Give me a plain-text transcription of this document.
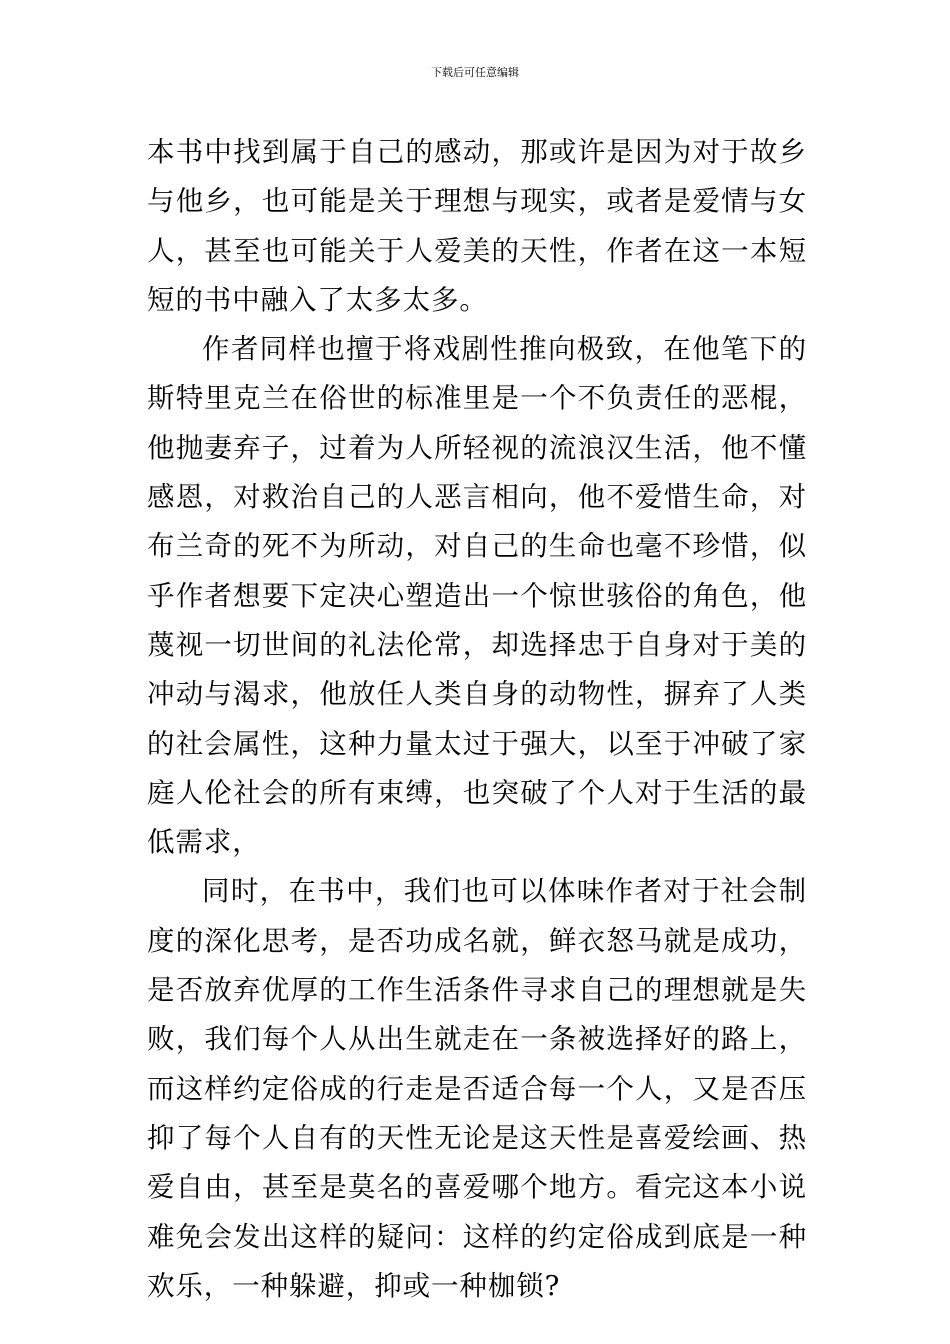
下载后可任意编辑

本书中找到属于自己的感动，那或许是因为对于故乡与他乡，也可能是关于理想与现实，或者是爱情与女人，甚至也可能关于人爱美的天性，作者在这一本短短的书中融入了太多太多。

作者同样也擅于将戏剧性推向极致，在他笔下的斯特里克兰在俗世的标准里是一个不负责任的恶棍，他抛妻弃子，过着为人所轻视的流浪汉生活，他不懂感恩，对救治自己的人恶言相向，他不爱惜生命，对布兰奇的死不为所动，对自己的生命也毫不珍惜，似乎作者想要下定决心塑造出一个惊世骇俗的角色，他蔑视一切世间的礼法伦常，却选择忠于自身对于美的冲动与渴求，他放任人类自身的动物性，摒弃了人类的社会属性，这种力量太过于强大，以至于冲破了家庭人伦社会的所有束缚，也突破了个人对于生活的最低需求，

同时，在书中，我们也可以体味作者对于社会制度的深化思考，是否功成名就，鲜衣怒马就是成功，是否放弃优厚的工作生活条件寻求自己的理想就是失败，我们每个人从出生就走在一条被选择好的路上，而这样约定俗成的行走是否适合每一个人，又是否压抑了每个人自有的天性无论是这天性是喜爱绘画、热爱自由，甚至是莫名的喜爱哪个地方。看完这本小说难免会发出这样的疑问：这样的约定俗成到底是一种欢乐，一种躲避，抑或一种枷锁?
